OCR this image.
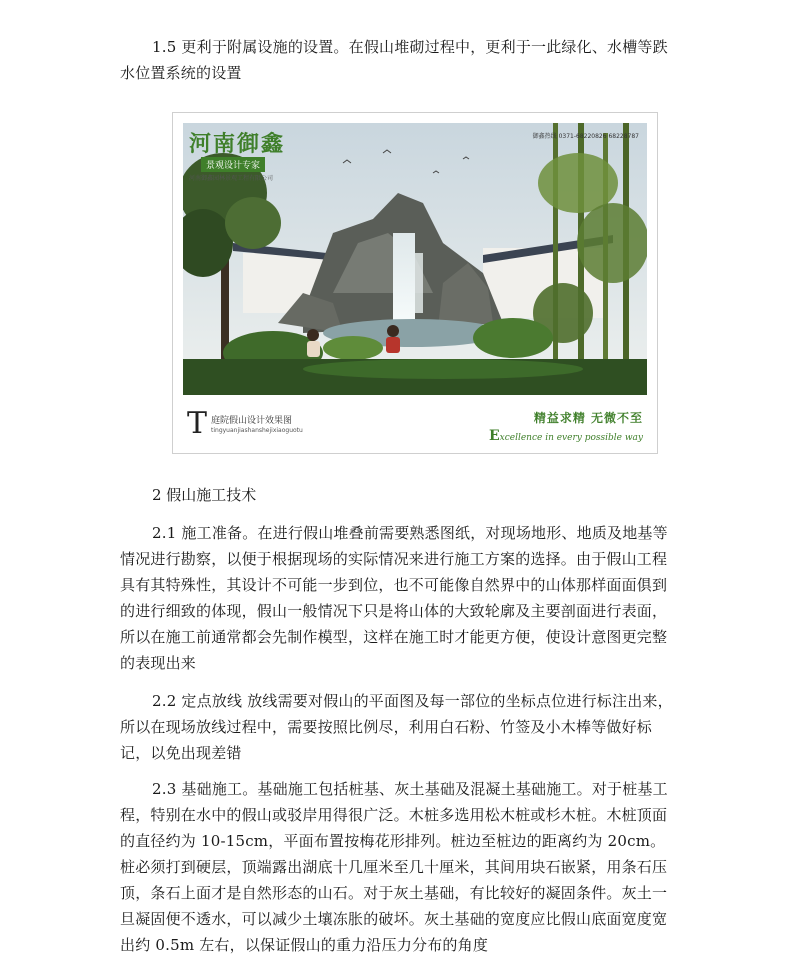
1.5 更利于附属设施的设置。在假山堆砌过程中，更利于一此绿化、水槽等跌水位置系统的设置

河南御鑫
景观设计专家
河南御鑫园林景观工程有限公司
御鑫热线 0371-68220826 68228787
T 庭院假山设计效果图
tingyuanjiashanshejixiaoguotu
精益求精 无微不至
Excellence in every possible way

2 假山施工技术

2.1 施工准备。在进行假山堆叠前需要熟悉图纸，对现场地形、地质及地基等情况进行勘察，以便于根据现场的实际情况来进行施工方案的选择。由于假山工程具有其特殊性，其设计不可能一步到位，也不可能像自然界中的山体那样面面俱到的进行细致的体现，假山一般情况下只是将山体的大致轮廓及主要剖面进行表面，所以在施工前通常都会先制作模型，这样在施工时才能更方便，使设计意图更完整的表现出来

2.2 定点放线 放线需要对假山的平面图及每一部位的坐标点位进行标注出来，所以在现场放线过程中，需要按照比例尽，利用白石粉、竹签及小木棒等做好标记，以免出现差错

2.3 基础施工。基础施工包括桩基、灰土基础及混凝土基础施工。对于桩基工程，特别在水中的假山或驳岸用得很广泛。木桩多选用松木桩或杉木桩。木桩顶面的直径约为 10-15cm，平面布置按梅花形排列。桩边至桩边的距离约为 20cm。桩必须打到硬层，顶端露出湖底十几厘米至几十厘米，其间用块石嵌紧，用条石压顶，条石上面才是自然形态的山石。对于灰土基础，有比较好的凝固条件。灰土一旦凝固便不透水，可以减少土壤冻胀的破坏。灰土基础的宽度应比假山底面宽度宽出约 0.5m 左右，以保证假山的重力沿压力分布的角度
